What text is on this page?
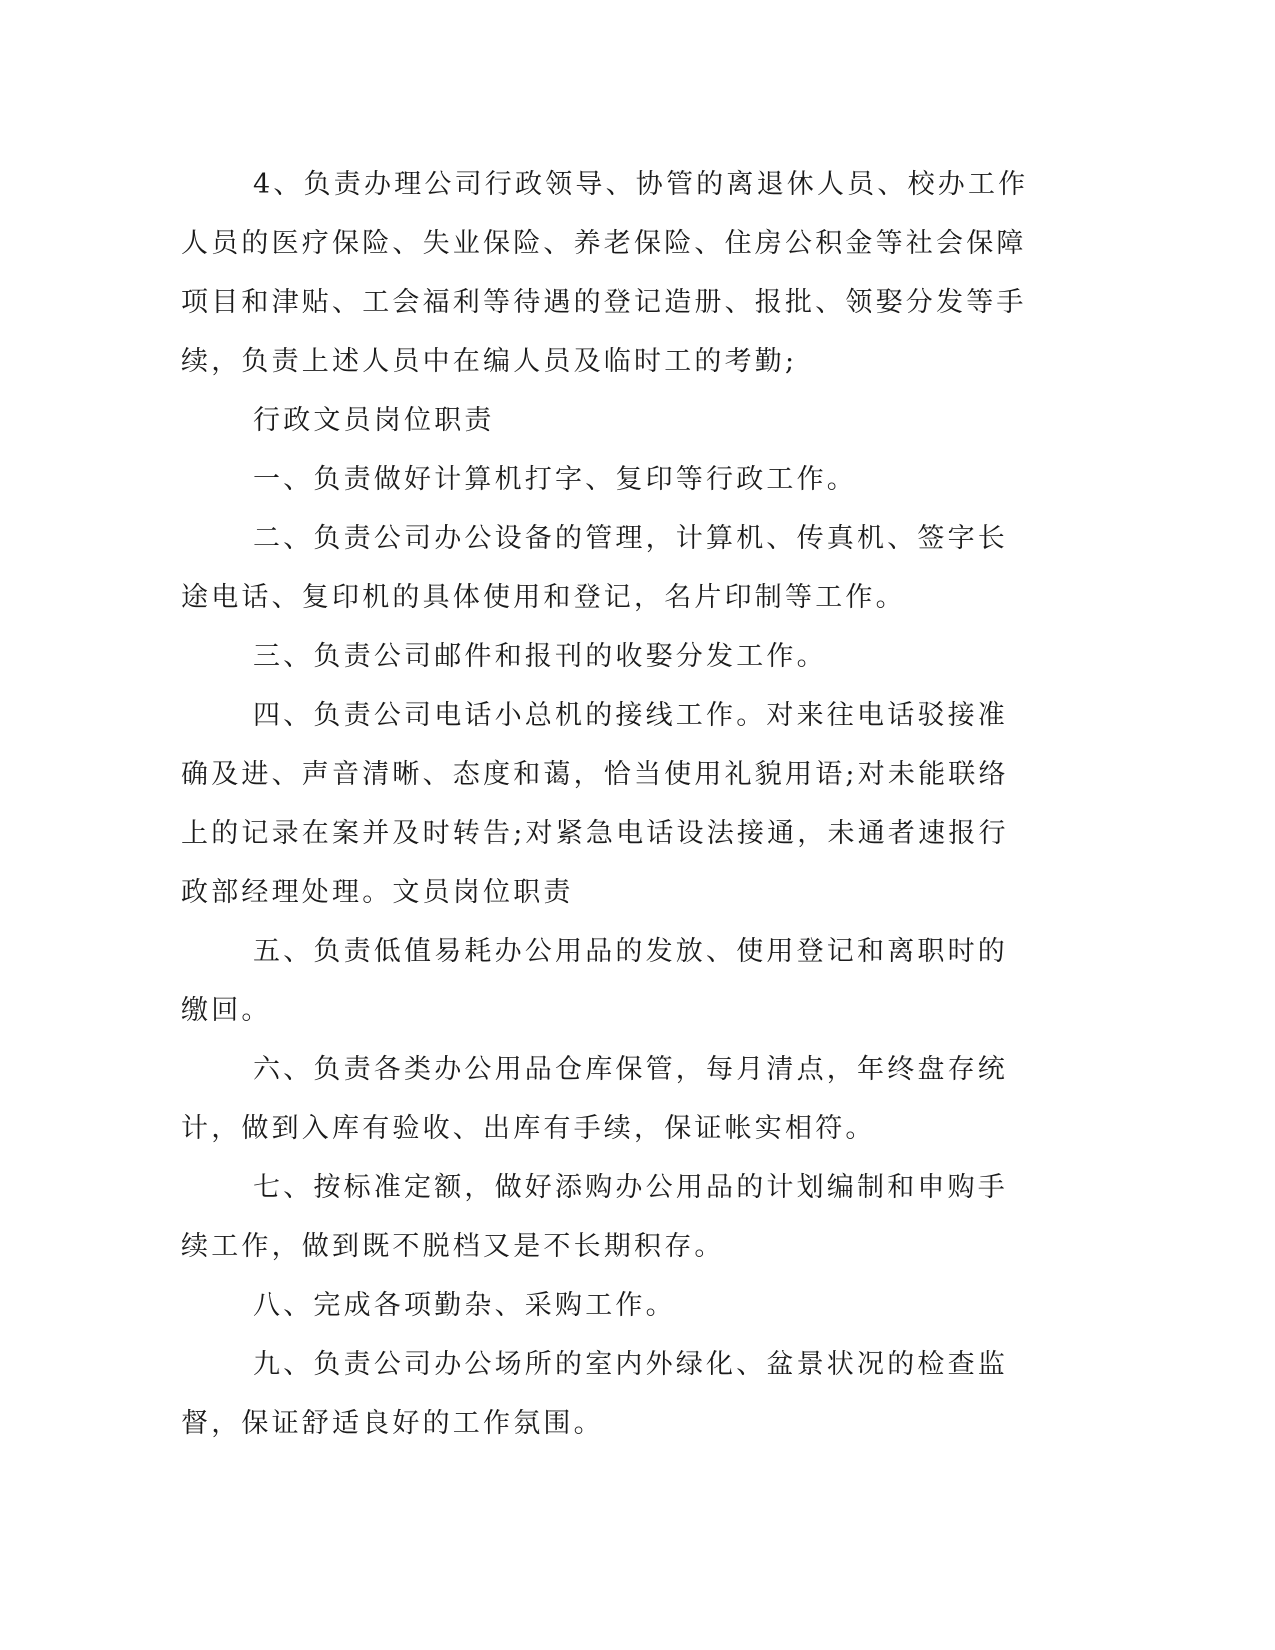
4、负责办理公司行政领导、协管的离退休人员、校办工作人员的医疗保险、失业保险、养老保险、住房公积金等社会保障项目和津贴、工会福利等待遇的登记造册、报批、领娶分发等手续，负责上述人员中在编人员及临时工的考勤;

行政文员岗位职责

一、负责做好计算机打字、复印等行政工作。

二、负责公司办公设备的管理，计算机、传真机、签字长途电话、复印机的具体使用和登记，名片印制等工作。

三、负责公司邮件和报刊的收娶分发工作。

四、负责公司电话小总机的接线工作。对来往电话驳接准确及进、声音清晰、态度和蔼，恰当使用礼貌用语;对未能联络上的记录在案并及时转告;对紧急电话设法接通，未通者速报行政部经理处理。文员岗位职责

五、负责低值易耗办公用品的发放、使用登记和离职时的缴回。

六、负责各类办公用品仓库保管，每月清点，年终盘存统计，做到入库有验收、出库有手续，保证帐实相符。

七、按标准定额，做好添购办公用品的计划编制和申购手续工作，做到既不脱档又是不长期积存。

八、完成各项勤杂、采购工作。

九、负责公司办公场所的室内外绿化、盆景状况的检查监督，保证舒适良好的工作氛围。
